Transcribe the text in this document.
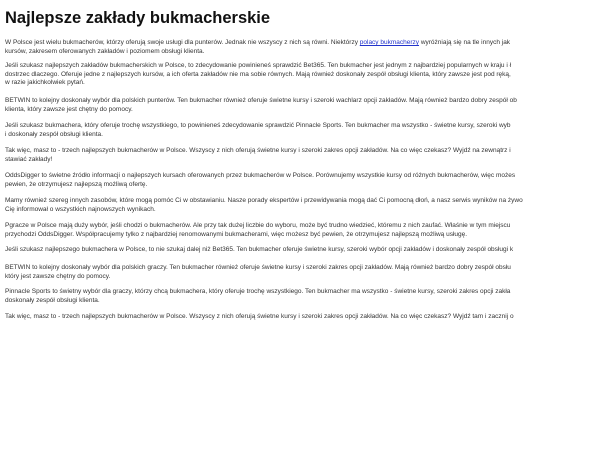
Najlepsze zakłady bukmacherskie

W Polsce jest wielu bukmacherów, którzy oferują swoje usługi dla punterów. Jednak nie wszyscy z nich są równi. Niektórzy polacy bukmacherzy wyróżniają się na tle innych jak
kursów, zakresem oferowanych zakładów i poziomem obsługi klienta.

Jeśli szukasz najlepszych zakładów bukmacherskich w Polsce, to zdecydowanie powinieneś sprawdzić Bet365. Ten bukmacher jest jednym z najbardziej popularnych w kraju i ł
dostrzec dlaczego. Oferuje jedne z najlepszych kursów, a ich oferta zakładów nie ma sobie równych. Mają również doskonały zespół obsługi klienta, który zawsze jest pod ręką,
w razie jakichkolwiek pytań.

BETWIN to kolejny doskonały wybór dla polskich punterów. Ten bukmacher również oferuje świetne kursy i szeroki wachlarz opcji zakładów. Mają również bardzo dobry zespół ob
klienta, który zawsze jest chętny do pomocy.

Jeśli szukasz bukmachera, który oferuje trochę wszystkiego, to powinieneś zdecydowanie sprawdzić Pinnacle Sports. Ten bukmacher ma wszystko - świetne kursy, szeroki wyb
i doskonały zespół obsługi klienta.

Tak więc, masz to - trzech najlepszych bukmacherów w Polsce. Wszyscy z nich oferują świetne kursy i szeroki zakres opcji zakładów. Na co więc czekasz? Wyjdź na zewnątrz i
stawiać zakłady!

OddsDigger to świetne źródło informacji o najlepszych kursach oferowanych przez bukmacherów w Polsce. Porównujemy wszystkie kursy od różnych bukmacherów, więc możes
pewien, że otrzymujesz najlepszą możliwą ofertę.

Mamy również szereg innych zasobów, które mogą pomóc Ci w obstawianiu. Nasze porady ekspertów i przewidywania mogą dać Ci pomocną dłoń, a nasz serwis wyników na żywo
Cię informował o wszystkich najnowszych wynikach.

Pgracze w Polsce mają duży wybór, jeśli chodzi o bukmacherów. Ale przy tak dużej liczbie do wyboru, może być trudno wiedzieć, któremu z nich zaufać. Właśnie w tym miejscu
przychodzi OddsDigger. Współpracujemy tylko z najbardziej renomowanymi bukmacherami, więc możesz być pewien, że otrzymujesz najlepszą możliwą usługę.

Jeśli szukasz najlepszego bukmachera w Polsce, to nie szukaj dalej niż Bet365. Ten bukmacher oferuje świetne kursy, szeroki wybór opcji zakładów i doskonały zespół obsługi k

BETWIN to kolejny doskonały wybór dla polskich graczy. Ten bukmacher również oferuje świetne kursy i szeroki zakres opcji zakładów. Mają również bardzo dobry zespół obsłu
który jest zawsze chętny do pomocy.

Pinnacle Sports to świetny wybór dla graczy, którzy chcą bukmachera, który oferuje trochę wszystkiego. Ten bukmacher ma wszystko - świetne kursy, szeroki zakres opcji zakła
doskonały zespół obsługi klienta.

Tak więc, masz to - trzech najlepszych bukmacherów w Polsce. Wszyscy z nich oferują świetne kursy i szeroki zakres opcji zakładów. Na co więc czekasz? Wyjdź tam i zacznij o
